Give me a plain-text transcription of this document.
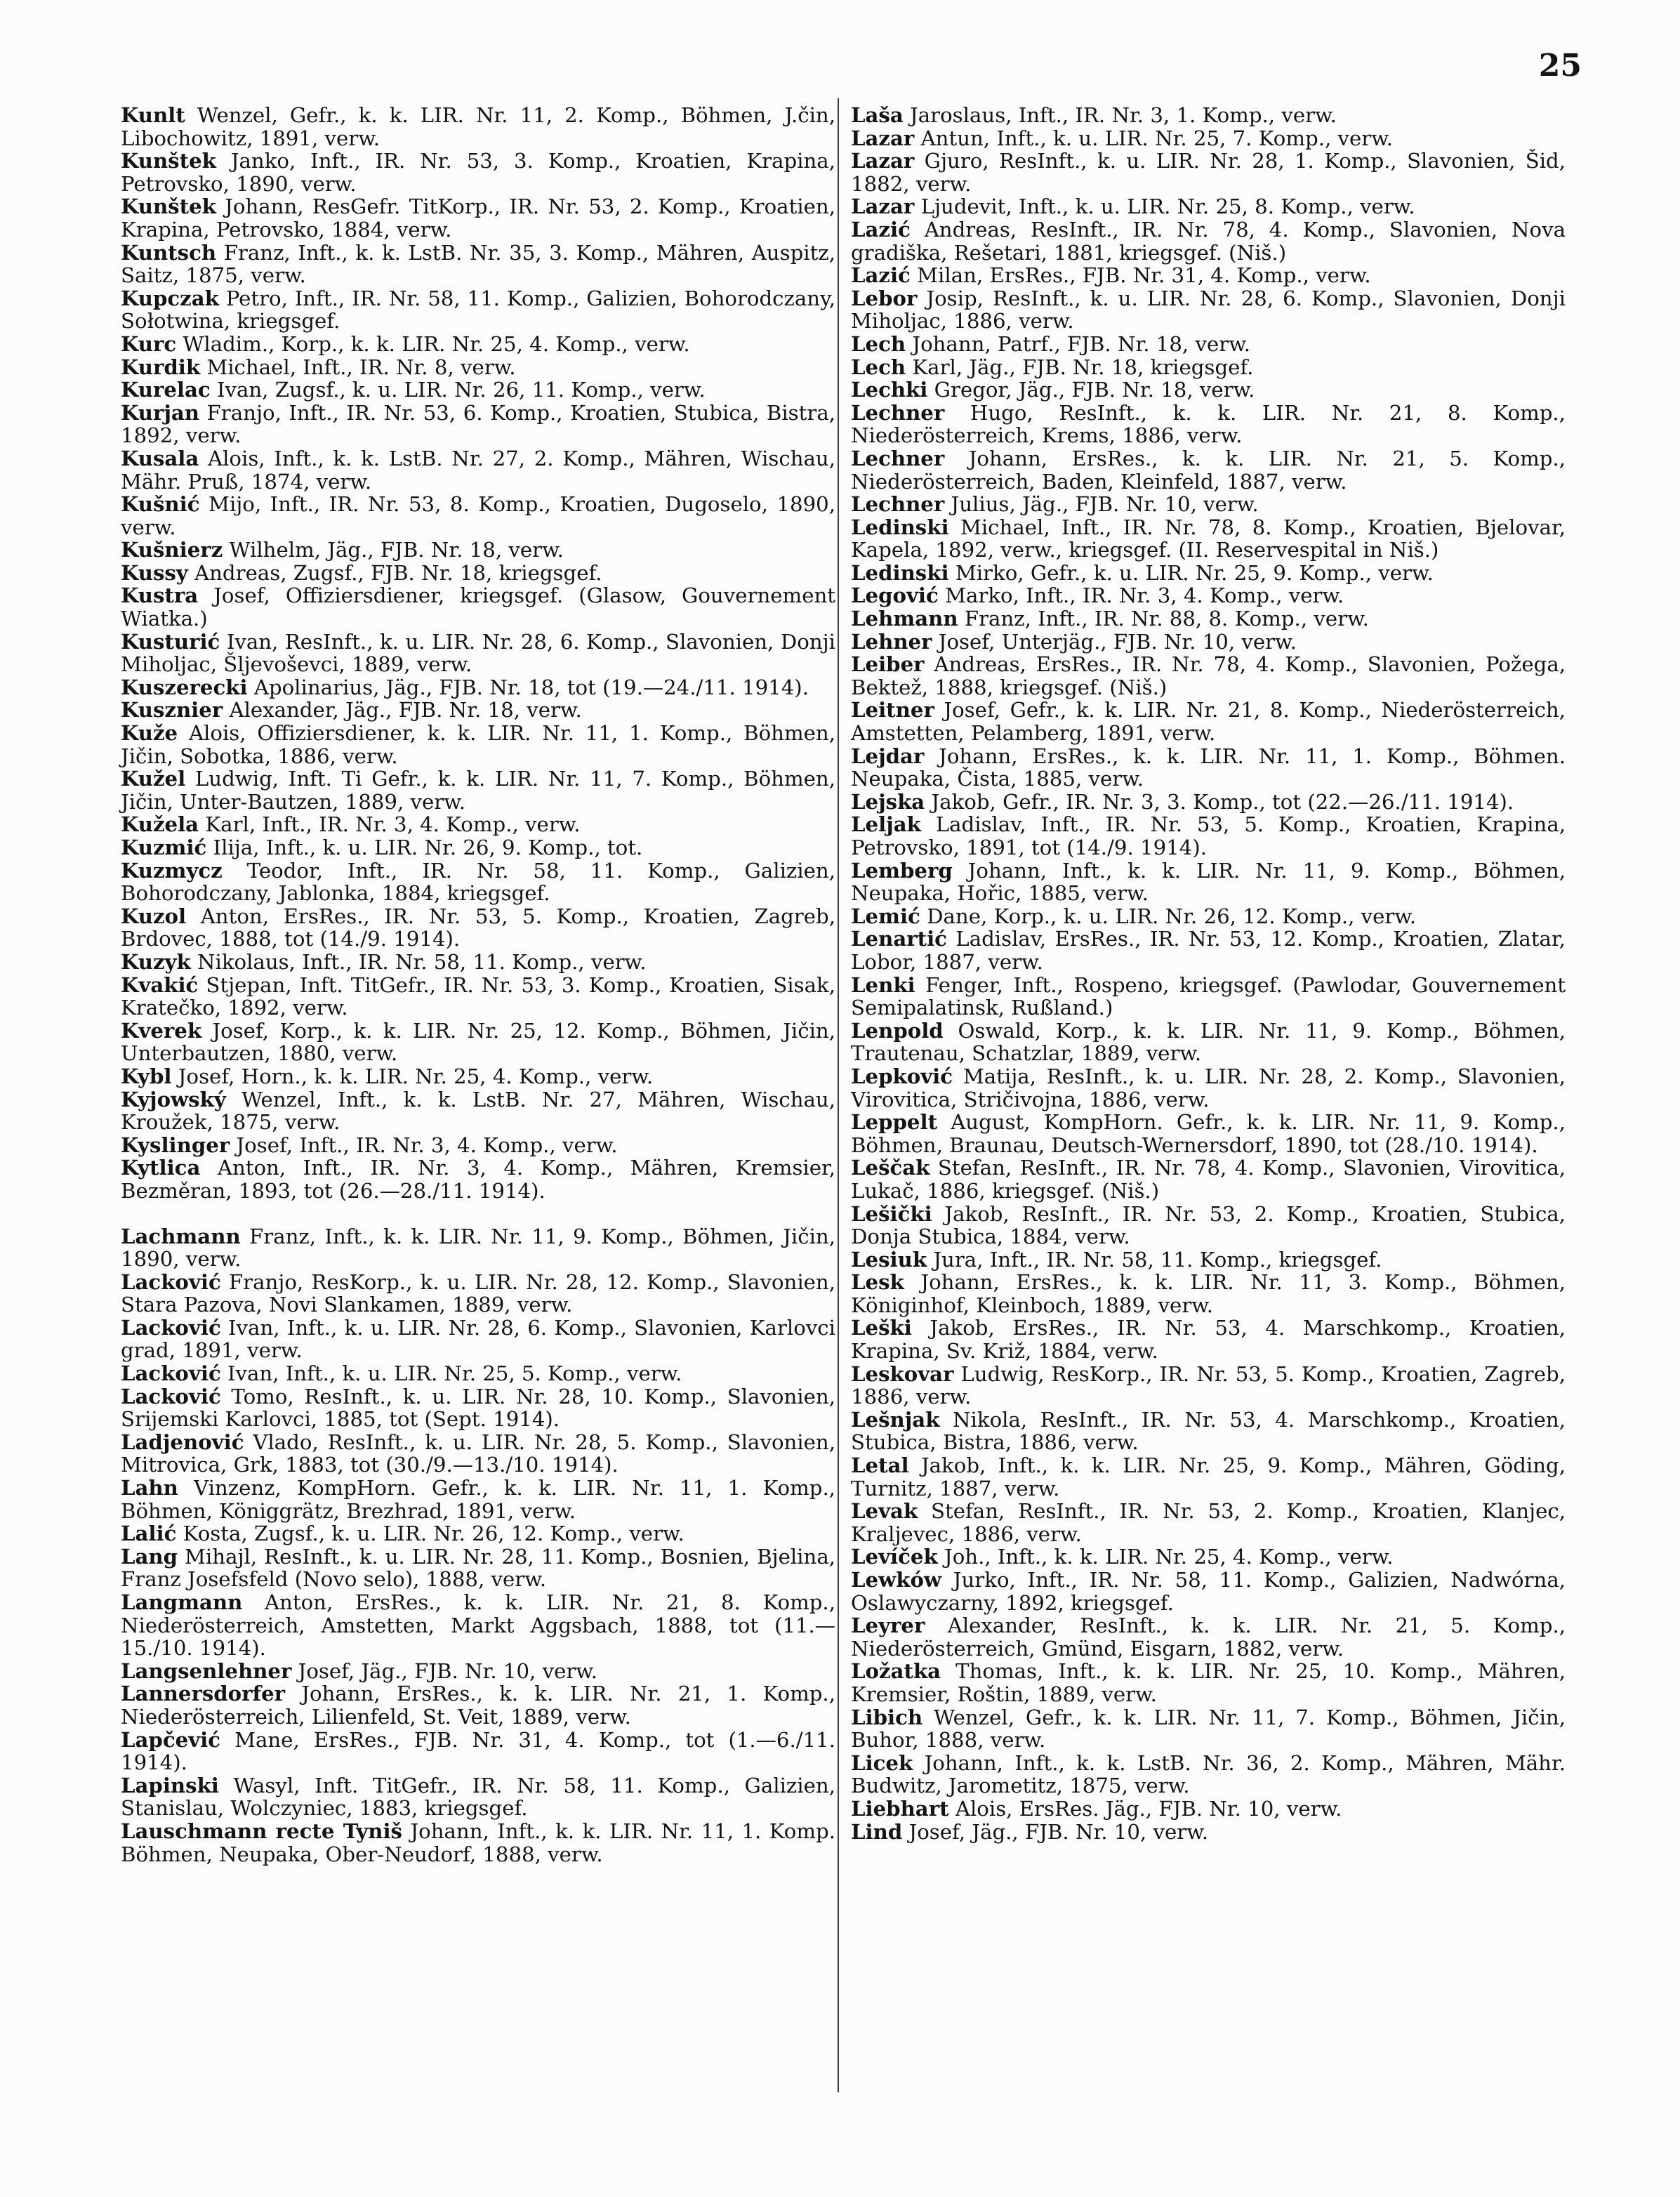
25
Kunlt Wenzel, Gefr., k. k. LIR. Nr. 11, 2. Komp., Böhmen, J.čin, Libochowitz, 1891, verw.
Kunštek Janko, Inft., IR. Nr. 53, 3. Komp., Kroatien, Krapina, Petrovsko, 1890, verw.
Kunštek Johann, ResGefr. TitKorp., IR. Nr. 53, 2. Komp., Kroatien, Krapina, Petrovsko, 1884, verw.
Kuntsch Franz, Inft., k. k. LstB. Nr. 35, 3. Komp., Mähren, Auspitz, Saitz, 1875, verw.
Kupczak Petro, Inft., IR. Nr. 58, 11. Komp., Galizien, Bohorodczany, Sołotwina, kriegsgef.
Kurc Wladim., Korp., k. k. LIR. Nr. 25, 4. Komp., verw.
Kurdik Michael, Inft., IR. Nr. 8, verw.
Kurelac Ivan, Zugsf., k. u. LIR. Nr. 26, 11. Komp., verw.
Kurjan Franjo, Inft., IR. Nr. 53, 6. Komp., Kroatien, Stubica, Bistra, 1892, verw.
Kusala Alois, Inft., k. k. LstB. Nr. 27, 2. Komp., Mähren, Wischau, Mähr. Pruß, 1874, verw.
Kušnić Mijo, Inft., IR. Nr. 53, 8. Komp., Kroatien, Dugoselo, 1890, verw.
Kušnierz Wilhelm, Jäg., FJB. Nr. 18, verw.
Kussy Andreas, Zugsf., FJB. Nr. 18, kriegsgef.
Kustra Josef, Offiziersdiener, kriegsgef. (Glasow, Gouvernement Wiatka.)
Kusturić Ivan, ResInft., k. u. LIR. Nr. 28, 6. Komp., Slavonien, Donji Miholjac, Šljevoševci, 1889, verw.
Kuszerecki Apolinarius, Jäg., FJB. Nr. 18, tot (19.—24./11. 1914).
Kusznier Alexander, Jäg., FJB. Nr. 18, verw.
Kuže Alois, Offiziersdiener, k. k. LIR. Nr. 11, 1. Komp., Böhmen, Jičin, Sobotka, 1886, verw.
Kužel Ludwig, Inft. Ti Gefr., k. k. LIR. Nr. 11, 7. Komp., Böhmen, Jičin, Unter-Bautzen, 1889, verw.
Kužela Karl, Inft., IR. Nr. 3, 4. Komp., verw.
Kuzmić Ilija, Inft., k. u. LIR. Nr. 26, 9. Komp., tot.
Kuzmycz Teodor, Inft., IR. Nr. 58, 11. Komp., Galizien, Bohorodczany, Jablonka, 1884, kriegsgef.
Kuzol Anton, ErsRes., IR. Nr. 53, 5. Komp., Kroatien, Zagreb, Brdovec, 1888, tot (14./9. 1914).
Kuzyk Nikolaus, Inft., IR. Nr. 58, 11. Komp., verw.
Kvakić Stjepan, Inft. TitGefr., IR. Nr. 53, 3. Komp., Kroatien, Sisak, Kratečko, 1892, verw.
Kverek Josef, Korp., k. k. LIR. Nr. 25, 12. Komp., Böhmen, Jičin, Unterbautzen, 1880, verw.
Kybl Josef, Horn., k. k. LIR. Nr. 25, 4. Komp., verw.
Kyjowský Wenzel, Inft., k. k. LstB. Nr. 27, Mähren, Wischau, Kroužek, 1875, verw.
Kyslinger Josef, Inft., IR. Nr. 3, 4. Komp., verw.
Kytlica Anton, Inft., IR. Nr. 3, 4. Komp., Mähren, Kremsier, Bezměran, 1893, tot (26.—28./11. 1914).
Lachmann Franz, Inft., k. k. LIR. Nr. 11, 9. Komp., Böhmen, Jičin, 1890, verw.
Lacković Franjo, ResKorp., k. u. LIR. Nr. 28, 12. Komp., Slavonien, Stara Pazova, Novi Slankamen, 1889, verw.
Lacković Ivan, Inft., k. u. LIR. Nr. 28, 6. Komp., Slavonien, Karlovci grad, 1891, verw.
Lacković Ivan, Inft., k. u. LIR. Nr. 25, 5. Komp., verw.
Lacković Tomo, ResInft., k. u. LIR. Nr. 28, 10. Komp., Slavonien, Srijemski Karlovci, 1885, tot (Sept. 1914).
Ladjenović Vlado, ResInft., k. u. LIR. Nr. 28, 5. Komp., Slavonien, Mitrovica, Grk, 1883, tot (30./9.—13./10. 1914).
Lahn Vinzenz, KompHorn. Gefr., k. k. LIR. Nr. 11, 1. Komp., Böhmen, Königgrätz, Brezhrad, 1891, verw.
Lalić Kosta, Zugsf., k. u. LIR. Nr. 26, 12. Komp., verw.
Lang Mihajl, ResInft., k. u. LIR. Nr. 28, 11. Komp., Bosnien, Bjelina, Franz Josefsfeld (Novo selo), 1888, verw.
Langmann Anton, ErsRes., k. k. LIR. Nr. 21, 8. Komp., Niederösterreich, Amstetten, Markt Aggsbach, 1888, tot (11.—15./10. 1914).
Langsenlehner Josef, Jäg., FJB. Nr. 10, verw.
Lannersdorfer Johann, ErsRes., k. k. LIR. Nr. 21, 1. Komp., Niederösterreich, Lilienfeld, St. Veit, 1889, verw.
Lapčević Mane, ErsRes., FJB. Nr. 31, 4. Komp., tot (1.—6./11. 1914).
Lapinski Wasyl, Inft. TitGefr., IR. Nr. 58, 11. Komp., Galizien, Stanislau, Wolczyniec, 1883, kriegsgef.
Lauschmann recte Tyniš Johann, Inft., k. k. LIR. Nr. 11, 1. Komp. Böhmen, Neupaka, Ober-Neudorf, 1888, verw.
Laša Jaroslaus, Inft., IR. Nr. 3, 1. Komp., verw.
Lazar Antun, Inft., k. u. LIR. Nr. 25, 7. Komp., verw.
Lazar Gjuro, ResInft., k. u. LIR. Nr. 28, 1. Komp., Slavonien, Šid, 1882, verw.
Lazar Ljudevit, Inft., k. u. LIR. Nr. 25, 8. Komp., verw.
Lazić Andreas, ResInft., IR. Nr. 78, 4. Komp., Slavonien, Nova gradiška, Rešetari, 1881, kriegsgef. (Niš.)
Lazić Milan, ErsRes., FJB. Nr. 31, 4. Komp., verw.
Lebor Josip, ResInft., k. u. LIR. Nr. 28, 6. Komp., Slavonien, Donji Miholjac, 1886, verw.
Lech Johann, Patrf., FJB. Nr. 18, verw.
Lech Karl, Jäg., FJB. Nr. 18, kriegsgef.
Lechki Gregor, Jäg., FJB. Nr. 18, verw.
Lechner Hugo, ResInft., k. k. LIR. Nr. 21, 8. Komp., Niederösterreich, Krems, 1886, verw.
Lechner Johann, ErsRes., k. k. LIR. Nr. 21, 5. Komp., Niederösterreich, Baden, Kleinfeld, 1887, verw.
Lechner Julius, Jäg., FJB. Nr. 10, verw.
Ledinski Michael, Inft., IR. Nr. 78, 8. Komp., Kroatien, Bjelovar, Kapela, 1892, verw., kriegsgef. (II. Reservespital in Niš.)
Ledinski Mirko, Gefr., k. u. LIR. Nr. 25, 9. Komp., verw.
Legović Marko, Inft., IR. Nr. 3, 4. Komp., verw.
Lehmann Franz, Inft., IR. Nr. 88, 8. Komp., verw.
Lehner Josef, Unterjäg., FJB. Nr. 10, verw.
Leiber Andreas, ErsRes., IR. Nr. 78, 4. Komp., Slavonien, Požega, Bektež, 1888, kriegsgef. (Niš.)
Leitner Josef, Gefr., k. k. LIR. Nr. 21, 8. Komp., Niederösterreich, Amstetten, Pelamberg, 1891, verw.
Lejdar Johann, ErsRes., k. k. LIR. Nr. 11, 1. Komp., Böhmen. Neupaka, Čista, 1885, verw.
Lejska Jakob, Gefr., IR. Nr. 3, 3. Komp., tot (22.—26./11. 1914).
Leljak Ladislav, Inft., IR. Nr. 53, 5. Komp., Kroatien, Krapina, Petrovsko, 1891, tot (14./9. 1914).
Lemberg Johann, Inft., k. k. LIR. Nr. 11, 9. Komp., Böhmen, Neupaka, Hořic, 1885, verw.
Lemić Dane, Korp., k. u. LIR. Nr. 26, 12. Komp., verw.
Lenartić Ladislav, ErsRes., IR. Nr. 53, 12. Komp., Kroatien, Zlatar, Lobor, 1887, verw.
Lenki Fenger, Inft., Rospeno, kriegsgef. (Pawlodar, Gouvernement Semipalatinsk, Rußland.)
Lenpold Oswald, Korp., k. k. LIR. Nr. 11, 9. Komp., Böhmen, Trautenau, Schatzlar, 1889, verw.
Lepković Matija, ResInft., k. u. LIR. Nr. 28, 2. Komp., Slavonien, Virovitica, Stričivojna, 1886, verw.
Leppelt August, KompHorn. Gefr., k. k. LIR. Nr. 11, 9. Komp., Böhmen, Braunau, Deutsch-Wernersdorf, 1890, tot (28./10. 1914).
Leščak Stefan, ResInft., IR. Nr. 78, 4. Komp., Slavonien, Virovitica, Lukač, 1886, kriegsgef. (Niš.)
Lešički Jakob, ResInft., IR. Nr. 53, 2. Komp., Kroatien, Stubica, Donja Stubica, 1884, verw.
Lesiuk Jura, Inft., IR. Nr. 58, 11. Komp., kriegsgef.
Lesk Johann, ErsRes., k. k. LIR. Nr. 11, 3. Komp., Böhmen, Königinhof, Kleinboch, 1889, verw.
Leški Jakob, ErsRes., IR. Nr. 53, 4. Marschkomp., Kroatien, Krapina, Sv. Križ, 1884, verw.
Leskovar Ludwig, ResKorp., IR. Nr. 53, 5. Komp., Kroatien, Zagreb, 1886, verw.
Lešnjak Nikola, ResInft., IR. Nr. 53, 4. Marschkomp., Kroatien, Stubica, Bistra, 1886, verw.
Letal Jakob, Inft., k. k. LIR. Nr. 25, 9. Komp., Mähren, Göding, Turnitz, 1887, verw.
Levak Stefan, ResInft., IR. Nr. 53, 2. Komp., Kroatien, Klanjec, Kraljevec, 1886, verw.
Levíček Joh., Inft., k. k. LIR. Nr. 25, 4. Komp., verw.
Lewków Jurko, Inft., IR. Nr. 58, 11. Komp., Galizien, Nadwórna, Oslawyczarny, 1892, kriegsgef.
Leyrer Alexander, ResInft., k. k. LIR. Nr. 21, 5. Komp., Niederösterreich, Gmünd, Eisgarn, 1882, verw.
Ložatka Thomas, Inft., k. k. LIR. Nr. 25, 10. Komp., Mähren, Kremsier, Roštin, 1889, verw.
Libich Wenzel, Gefr., k. k. LIR. Nr. 11, 7. Komp., Böhmen, Jičin, Buhor, 1888, verw.
Licek Johann, Inft., k. k. LstB. Nr. 36, 2. Komp., Mähren, Mähr. Budwitz, Jarometitz, 1875, verw.
Liebhart Alois, ErsRes. Jäg., FJB. Nr. 10, verw.
Lind Josef, Jäg., FJB. Nr. 10, verw.
